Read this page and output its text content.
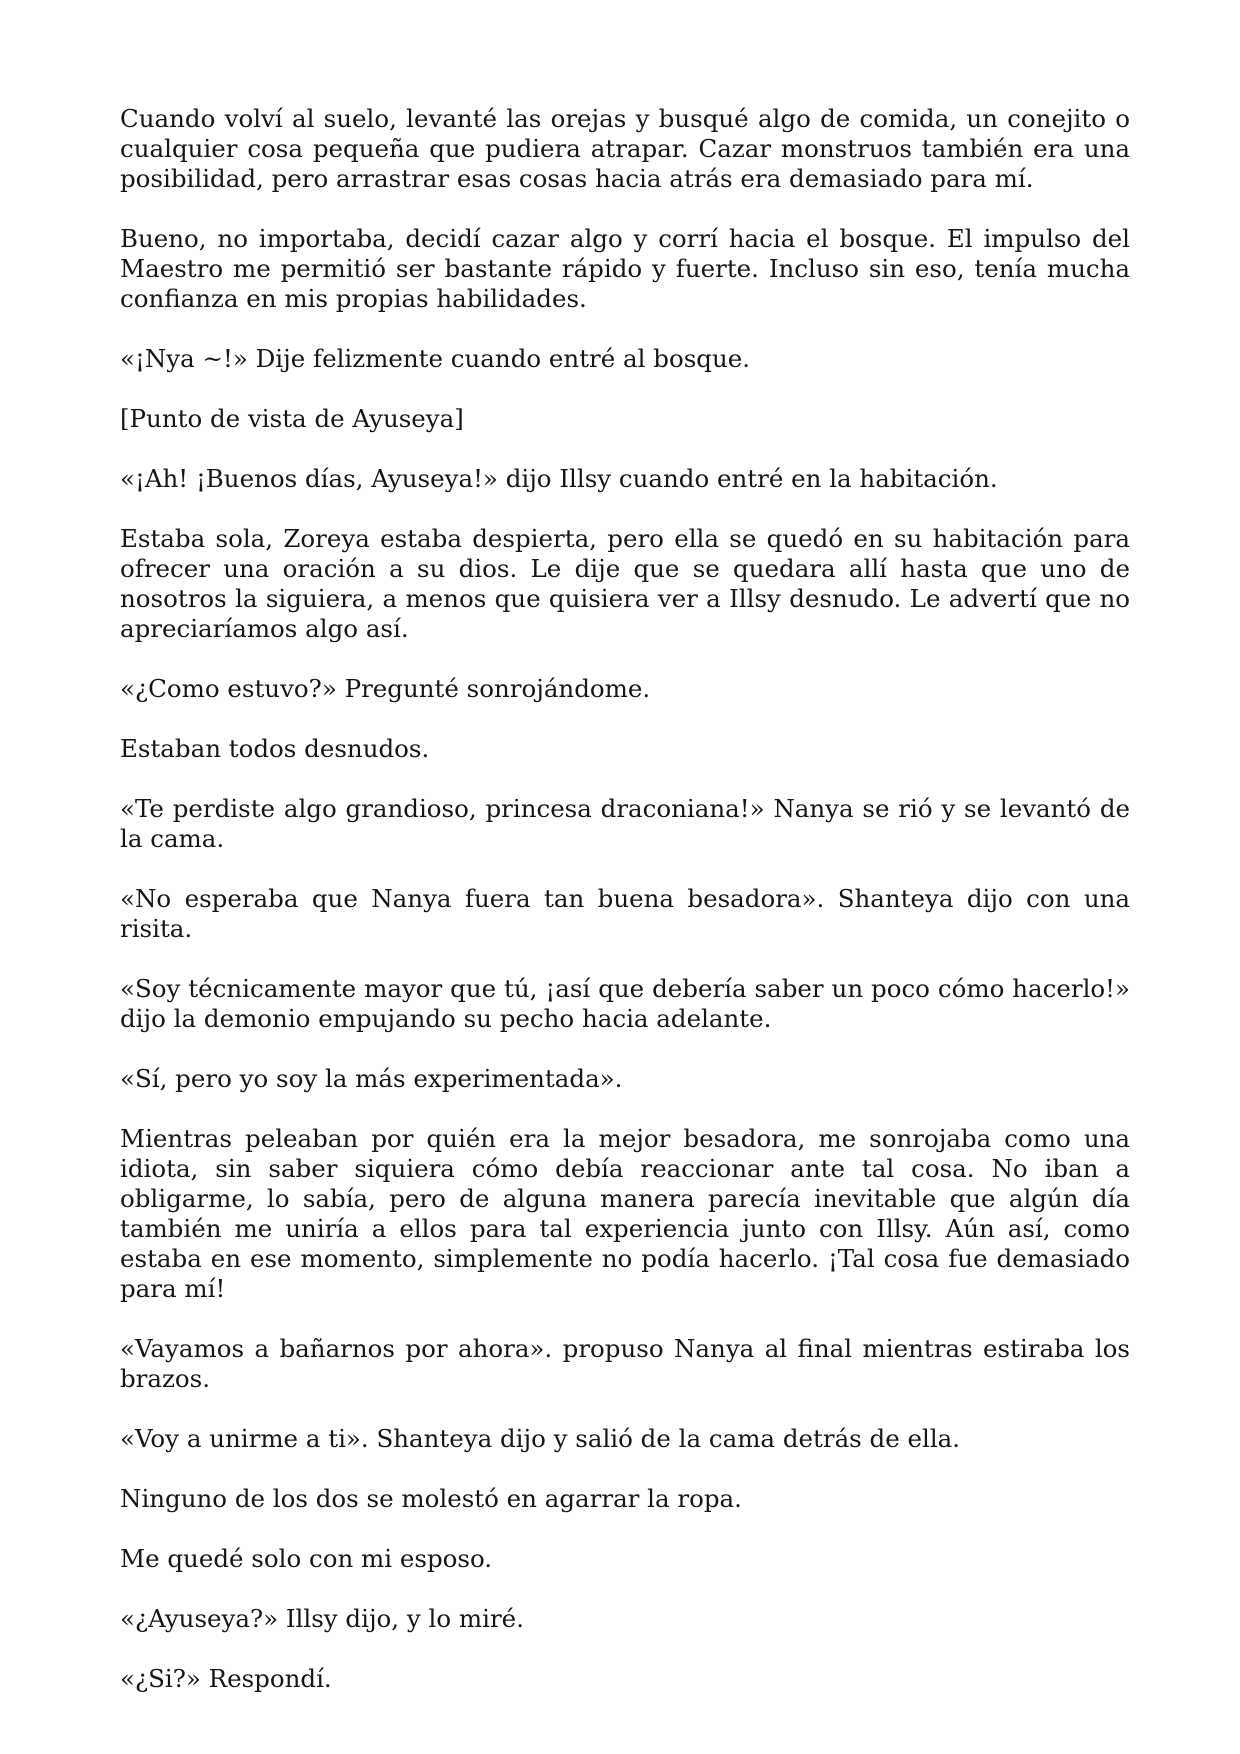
Cuando volví al suelo, levanté las orejas y busqué algo de comida, un conejito o cualquier cosa pequeña que pudiera atrapar. Cazar monstruos también era una posibilidad, pero arrastrar esas cosas hacia atrás era demasiado para mí.

Bueno, no importaba, decidí cazar algo y corrí hacia el bosque. El impulso del Maestro me permitió ser bastante rápido y fuerte. Incluso sin eso, tenía mucha confianza en mis propias habilidades.

«¡Nya ~!» Dije felizmente cuando entré al bosque.

[Punto de vista de Ayuseya]

«¡Ah! ¡Buenos días, Ayuseya!» dijo Illsy cuando entré en la habitación.

Estaba sola, Zoreya estaba despierta, pero ella se quedó en su habitación para ofrecer una oración a su dios. Le dije que se quedara allí hasta que uno de nosotros la siguiera, a menos que quisiera ver a Illsy desnudo. Le advertí que no apreciaríamos algo así.

«¿Como estuvo?» Pregunté sonrojándome.

Estaban todos desnudos.

«Te perdiste algo grandioso, princesa draconiana!» Nanya se rió y se levantó de la cama.

«No esperaba que Nanya fuera tan buena besadora». Shanteya dijo con una risita.

«Soy técnicamente mayor que tú, ¡así que debería saber un poco cómo hacerlo!» dijo la demonio empujando su pecho hacia adelante.

«Sí, pero yo soy la más experimentada».

Mientras peleaban por quién era la mejor besadora, me sonrojaba como una idiota, sin saber siquiera cómo debía reaccionar ante tal cosa. No iban a obligarme, lo sabía, pero de alguna manera parecía inevitable que algún día también me uniría a ellos para tal experiencia junto con Illsy. Aún así, como estaba en ese momento, simplemente no podía hacerlo. ¡Tal cosa fue demasiado para mí!

«Vayamos a bañarnos por ahora». propuso Nanya al final mientras estiraba los brazos.

«Voy a unirme a ti». Shanteya dijo y salió de la cama detrás de ella.

Ninguno de los dos se molestó en agarrar la ropa.

Me quedé solo con mi esposo.

«¿Ayuseya?» Illsy dijo, y lo miré.

«¿Si?» Respondí.
